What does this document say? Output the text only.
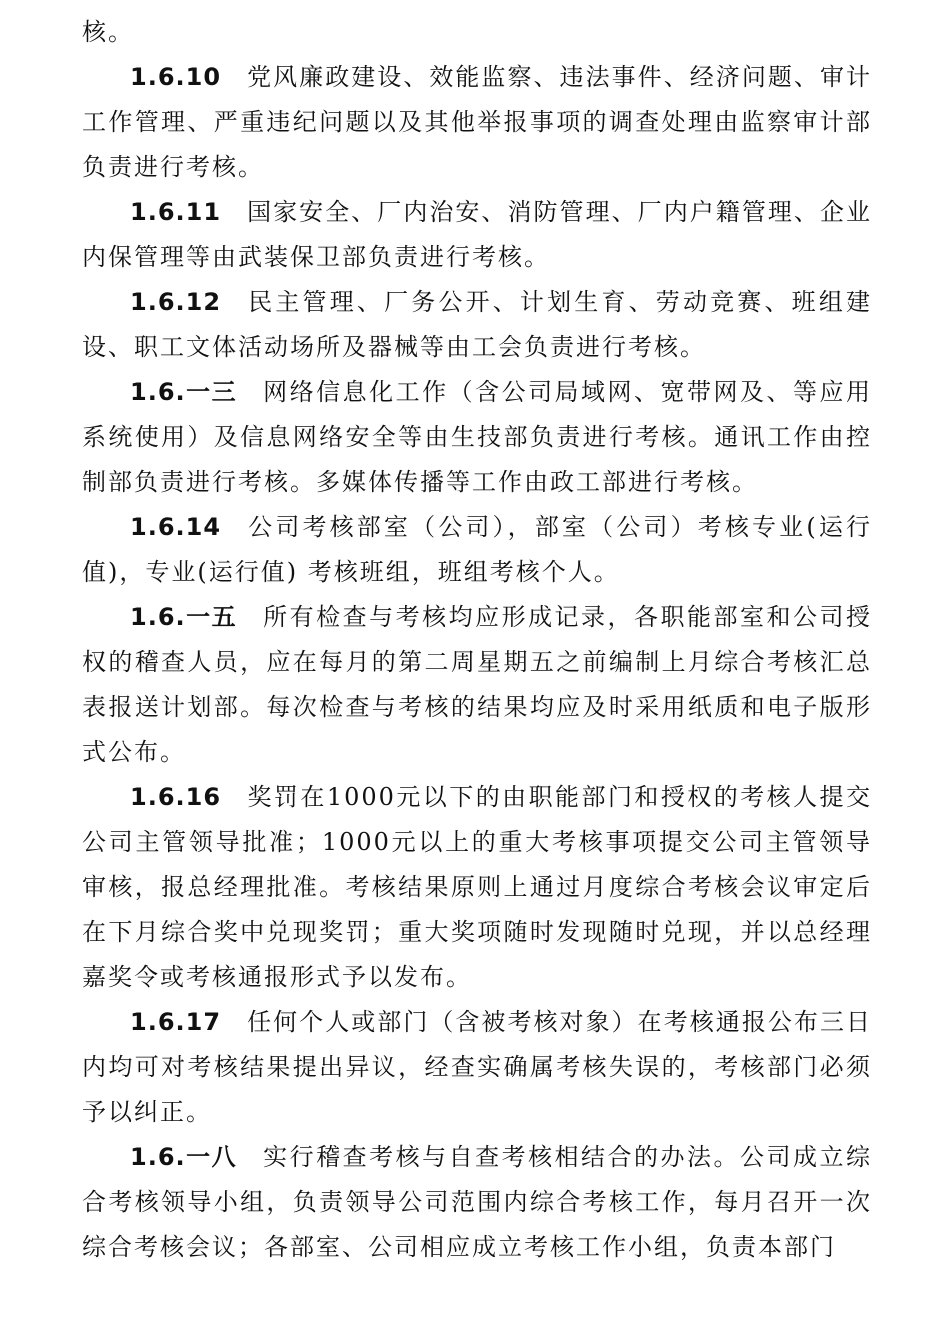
核。

1.6.10 党风廉政建设、效能监察、违法事件、经济问题、审计工作管理、严重违纪问题以及其他举报事项的调查处理由监察审计部负责进行考核。

1.6.11 国家安全、厂内治安、消防管理、厂内户籍管理、企业内保管理等由武装保卫部负责进行考核。

1.6.12 民主管理、厂务公开、计划生育、劳动竞赛、班组建设、职工文体活动场所及器械等由工会负责进行考核。

1.6.一三 网络信息化工作（含公司局域网、宽带网及、等应用系统使用）及信息网络安全等由生技部负责进行考核。通讯工作由控制部负责进行考核。多媒体传播等工作由政工部进行考核。

1.6.14 公司考核部室（公司），部室（公司）考核专业(运行值)，专业(运行值) 考核班组，班组考核个人。

1.6.一五 所有检查与考核均应形成记录，各职能部室和公司授权的稽查人员，应在每月的第二周星期五之前编制上月综合考核汇总表报送计划部。每次检查与考核的结果均应及时采用纸质和电子版形式公布。

1.6.16 奖罚在1000元以下的由职能部门和授权的考核人提交公司主管领导批准；1000元以上的重大考核事项提交公司主管领导审核，报总经理批准。考核结果原则上通过月度综合考核会议审定后在下月综合奖中兑现奖罚；重大奖项随时发现随时兑现，并以总经理嘉奖令或考核通报形式予以发布。

1.6.17 任何个人或部门（含被考核对象）在考核通报公布三日内均可对考核结果提出异议，经查实确属考核失误的，考核部门必须予以纠正。

1.6.一八 实行稽查考核与自查考核相结合的办法。公司成立综合考核领导小组，负责领导公司范围内综合考核工作，每月召开一次综合考核会议；各部室、公司相应成立考核工作小组，负责本部门
